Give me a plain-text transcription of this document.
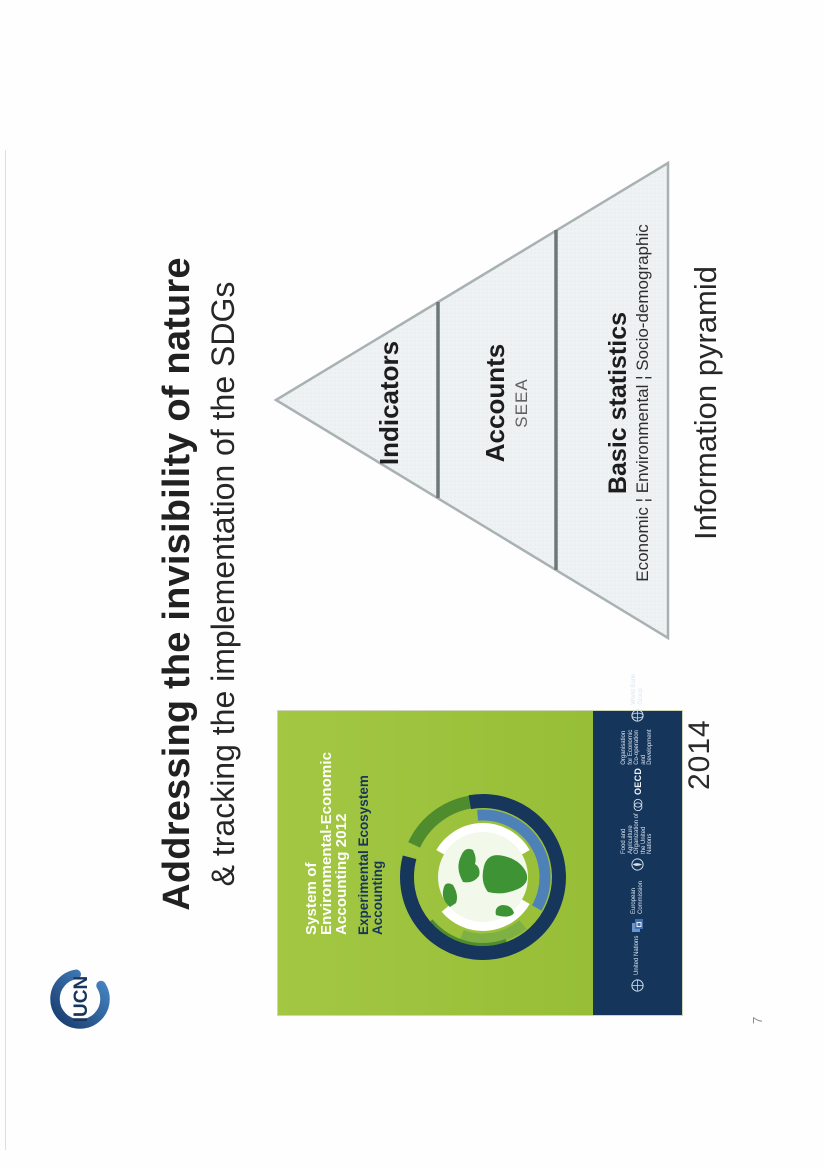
IUCN
Addressing the invisibility of nature & tracking the implementation of the SDGs	Indicators	Accounts SEEA	Basic statistics Economic ¦ Environmental ¦ Socio-demographic Information pyramid
System of
Environmental-Economic
Accounting 2012 Experimental Ecosystem Accounting
United Nations
European Commission
Food and Agriculture Organization of the United Nations
OECD
Organisation for Economic Co-operation and Development
World Bank Group
2014
7
